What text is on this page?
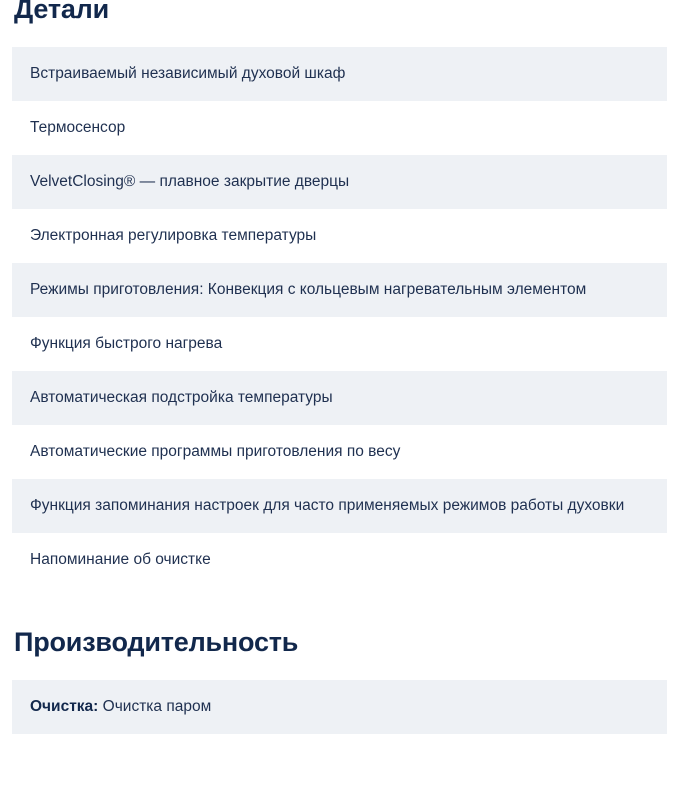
Детали
Встраиваемый независимый духовой шкаф
Термосенсор
VelvetClosing® — плавное закрытие дверцы
Электронная регулировка температуры
Режимы приготовления: Конвекция с кольцевым нагревательным элементом
Функция быстрого нагрева
Автоматическая подстройка температуры
Автоматические программы приготовления по весу
Функция запоминания настроек для часто применяемых режимов работы духовки
Напоминание об очистке
Производительность
Очистка: Очистка паром
